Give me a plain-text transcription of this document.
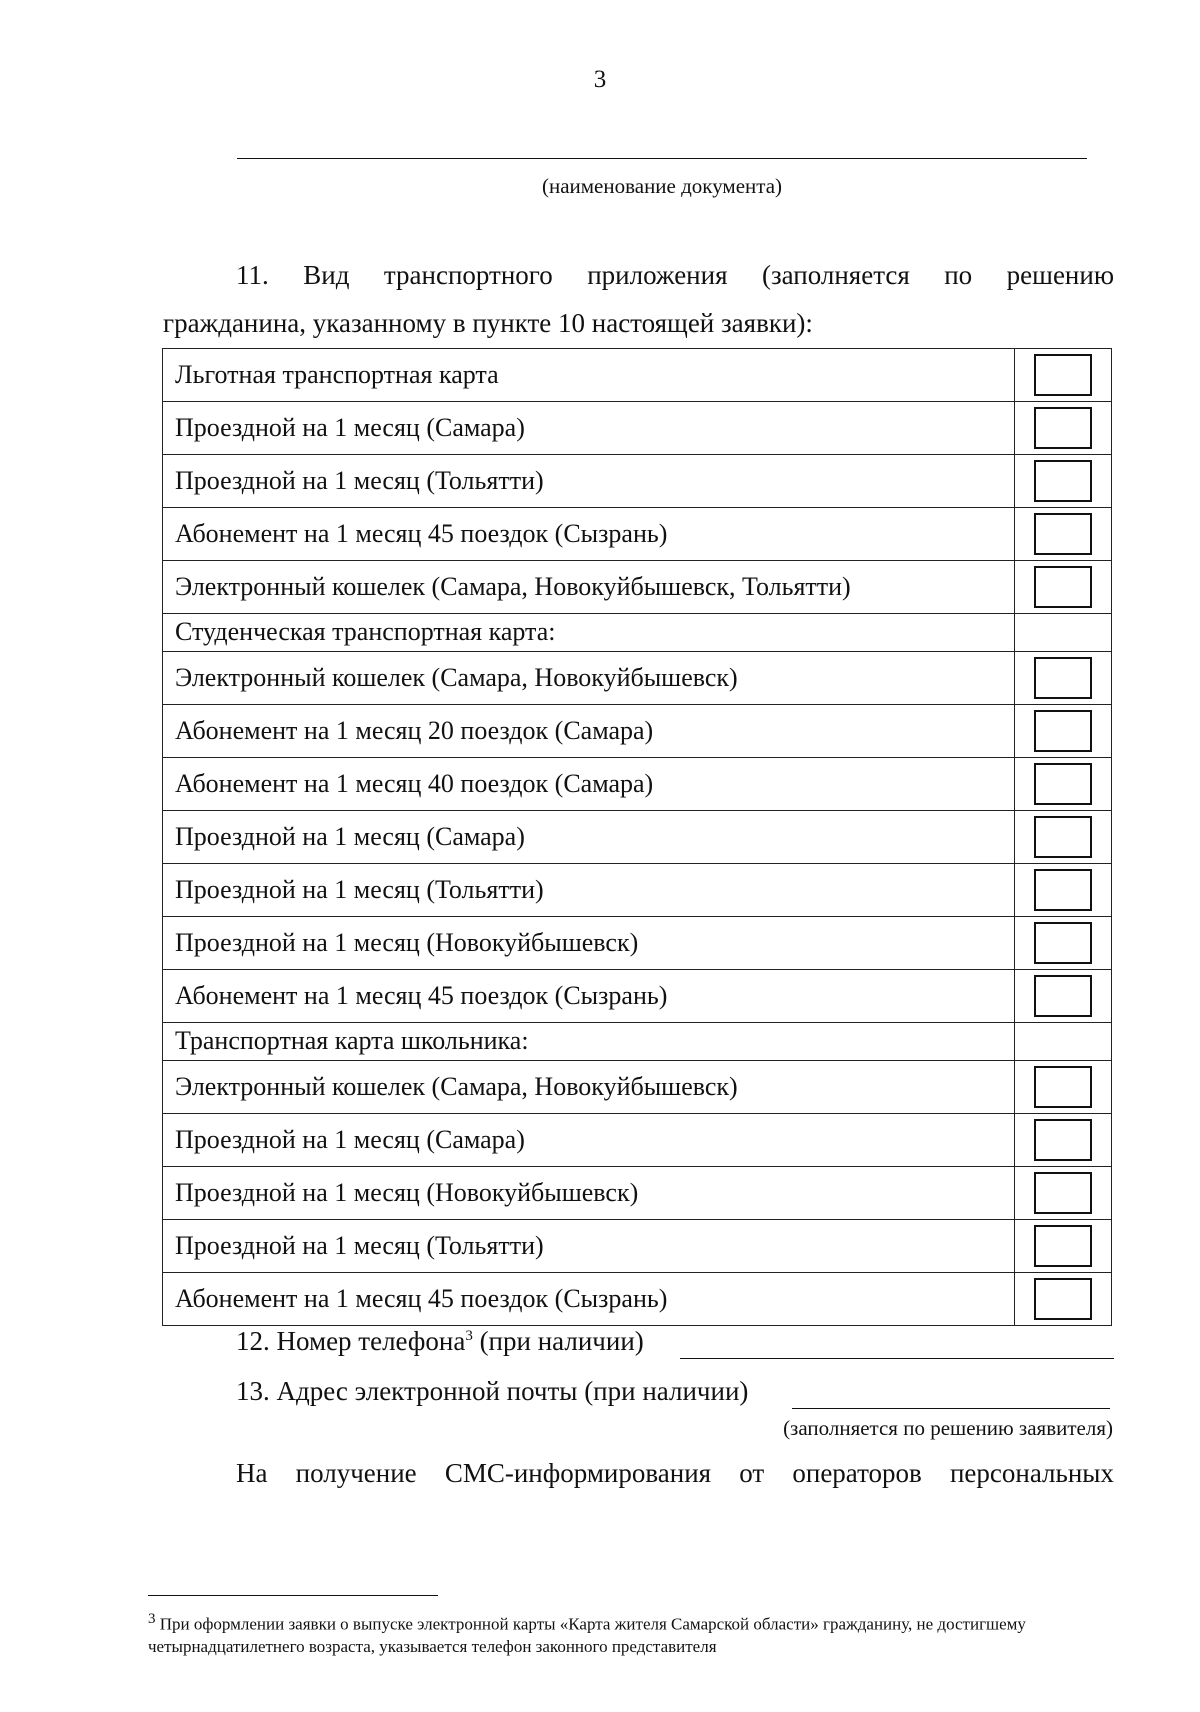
3
(наименование документа)
11. Вид транспортного приложения (заполняется по решению
гражданина, указанному в пункте 10 настоящей заявки):
Льготная транспортная карта	
Проездной на 1 месяц (Самара)	
Проездной на 1 месяц (Тольятти)	
Абонемент на 1 месяц 45 поездок (Сызрань)	
Электронный кошелек (Самара, Новокуйбышевск, Тольятти)	
Студенческая транспортная карта:	
Электронный кошелек (Самара, Новокуйбышевск)	
Абонемент на 1 месяц 20 поездок (Самара)	
Абонемент на 1 месяц 40 поездок (Самара)	
Проездной на 1 месяц (Самара)	
Проездной на 1 месяц (Тольятти)	
Проездной на 1 месяц (Новокуйбышевск)	
Абонемент на 1 месяц 45 поездок (Сызрань)	
Транспортная карта школьника:	
Электронный кошелек (Самара, Новокуйбышевск)	
Проездной на 1 месяц (Самара)	
Проездной на 1 месяц (Новокуйбышевск)	
Проездной на 1 месяц (Тольятти)	
Абонемент на 1 месяц 45 поездок (Сызрань)	
12. Номер телефона$^3$ (при наличии)
13. Адрес электронной почты (при наличии)
(заполняется по решению заявителя)
На получение СМС-информирования от операторов персональных
$^3$ При оформлении заявки о выпуске электронной карты «Карта жителя Самарской области» гражданину, не достигшему четырнадцатилетнего возраста, указывается телефон законного представителя
